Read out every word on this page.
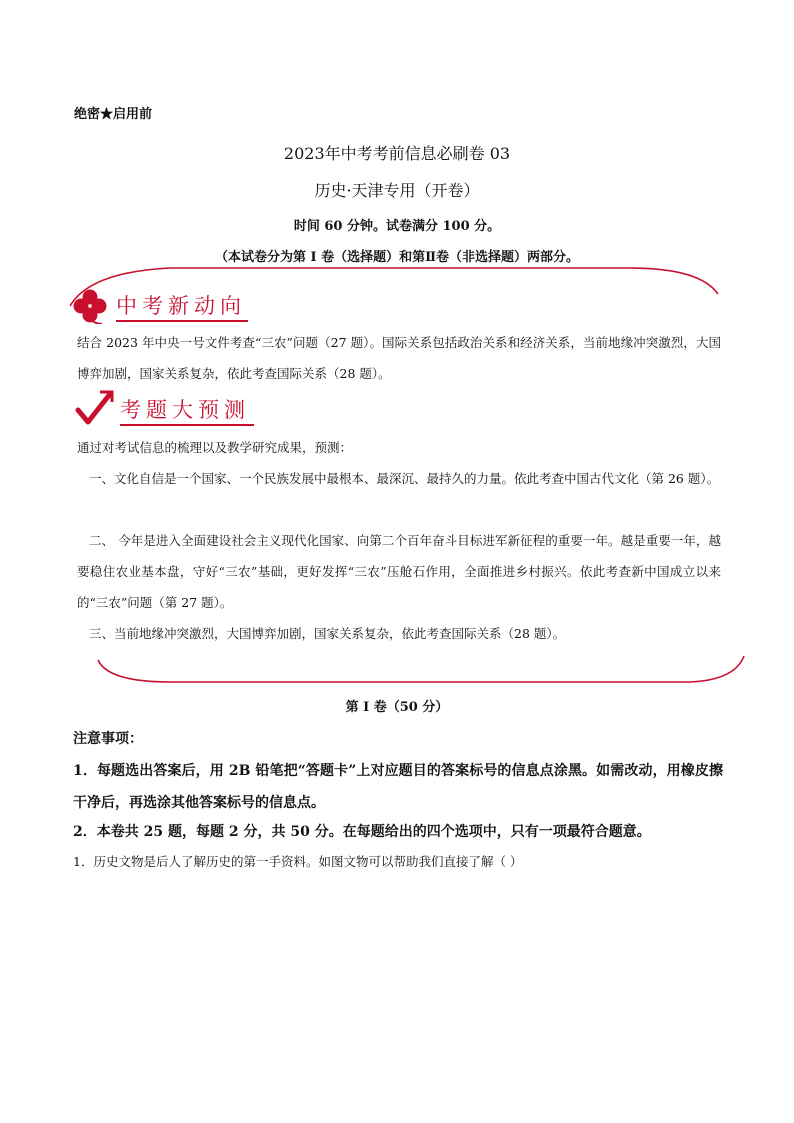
绝密★启用前
2023年中考考前信息必刷卷 03
历史·天津专用（开卷）
时间 60 分钟。试卷满分 100 分。
（本试卷分为第 I 卷（选择题）和第Ⅱ卷（非选择题）两部分。
中考新动向
结合 2023 年中央一号文件考查“三农”问题（27 题）。国际关系包括政治关系和经济关系，当前地缘冲突激烈，大国博弈加剧，国家关系复杂，依此考查国际关系（28 题）。
考题大预测
通过对考试信息的梳理以及教学研究成果，预测：
一、文化自信是一个国家、一个民族发展中最根本、最深沉、最持久的力量。依此考查中国古代文化（第 26 题）。
二、 今年是进入全面建设社会主义现代化国家、向第二个百年奋斗目标进军新征程的重要一年。越是重要一年，越要稳住农业基本盘，守好“三农”基础，更好发挥“三农”压舱石作用，全面推进乡村振兴。依此考查新中国成立以来的“三农”问题（第 27 题）。
三、当前地缘冲突激烈，大国博弈加剧，国家关系复杂，依此考查国际关系（28 题）。
第 I 卷（50 分）
注意事项：
1．每题选出答案后，用 2B 铅笔把“答题卡”上对应题目的答案标号的信息点涂黑。如需改动，用橡皮擦干净后，再选涂其他答案标号的信息点。
2．本卷共 25 题，每题 2 分，共 50 分。在每题给出的四个选项中，只有一项最符合题意。
1．历史文物是后人了解历史的第一手资料。如图文物可以帮助我们直接了解（ ）
